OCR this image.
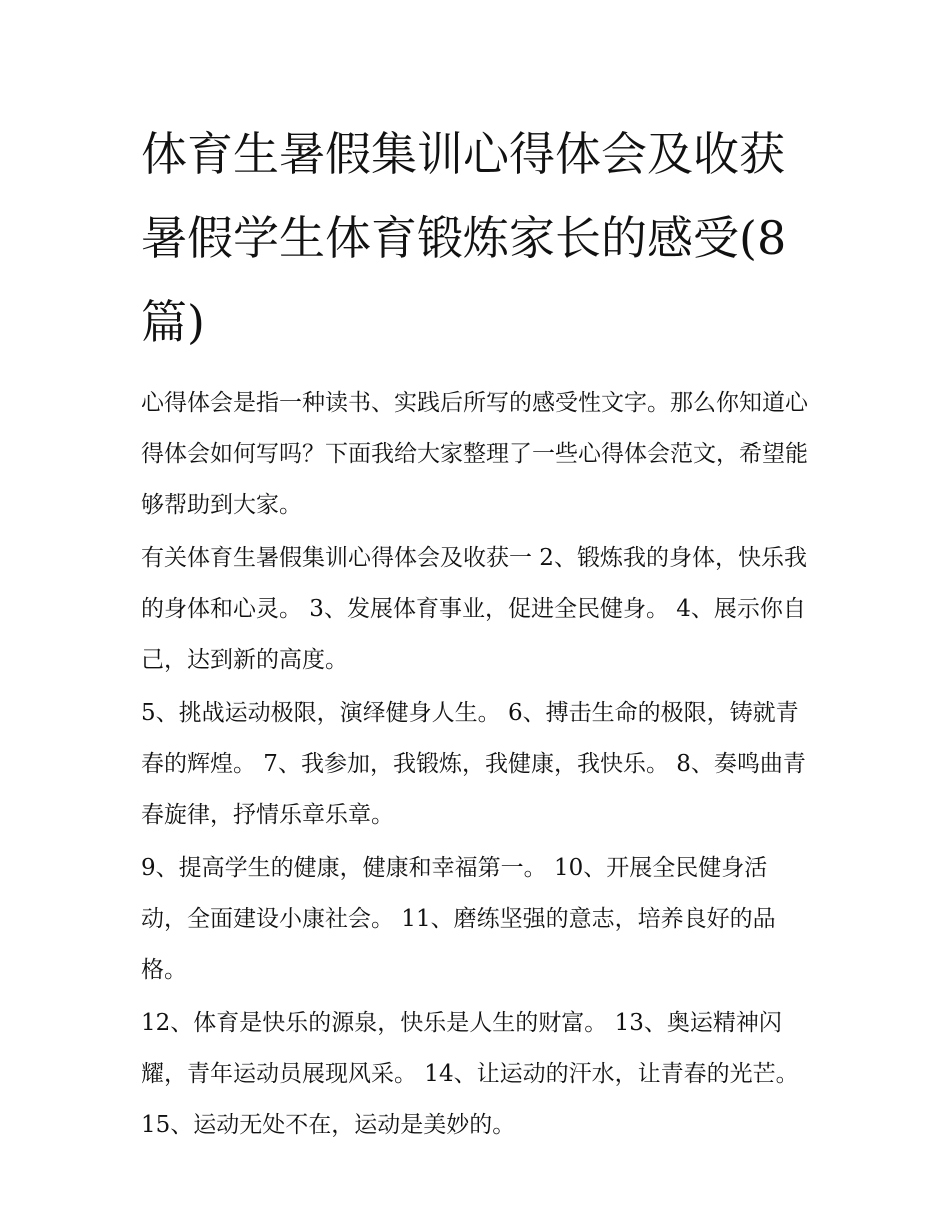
体育生暑假集训心得体会及收获 暑假学生体育锻炼家长的感受(8篇)

心得体会是指一种读书、实践后所写的感受性文字。那么你知道心得体会如何写吗？下面我给大家整理了一些心得体会范文，希望能够帮助到大家。

有关体育生暑假集训心得体会及收获一 2、锻炼我的身体，快乐我的身体和心灵。 3、发展体育事业，促进全民健身。 4、展示你自己，达到新的高度。

5、挑战运动极限，演绎健身人生。 6、搏击生命的极限，铸就青春的辉煌。 7、我参加，我锻炼，我健康，我快乐。 8、奏鸣曲青春旋律，抒情乐章乐章。

9、提高学生的健康，健康和幸福第一。 10、开展全民健身活动，全面建设小康社会。 11、磨练坚强的意志，培养良好的品格。

12、体育是快乐的源泉，快乐是人生的财富。 13、奥运精神闪耀，青年运动员展现风采。 14、让运动的汗水，让青春的光芒。 15、运动无处不在，运动是美妙的。
